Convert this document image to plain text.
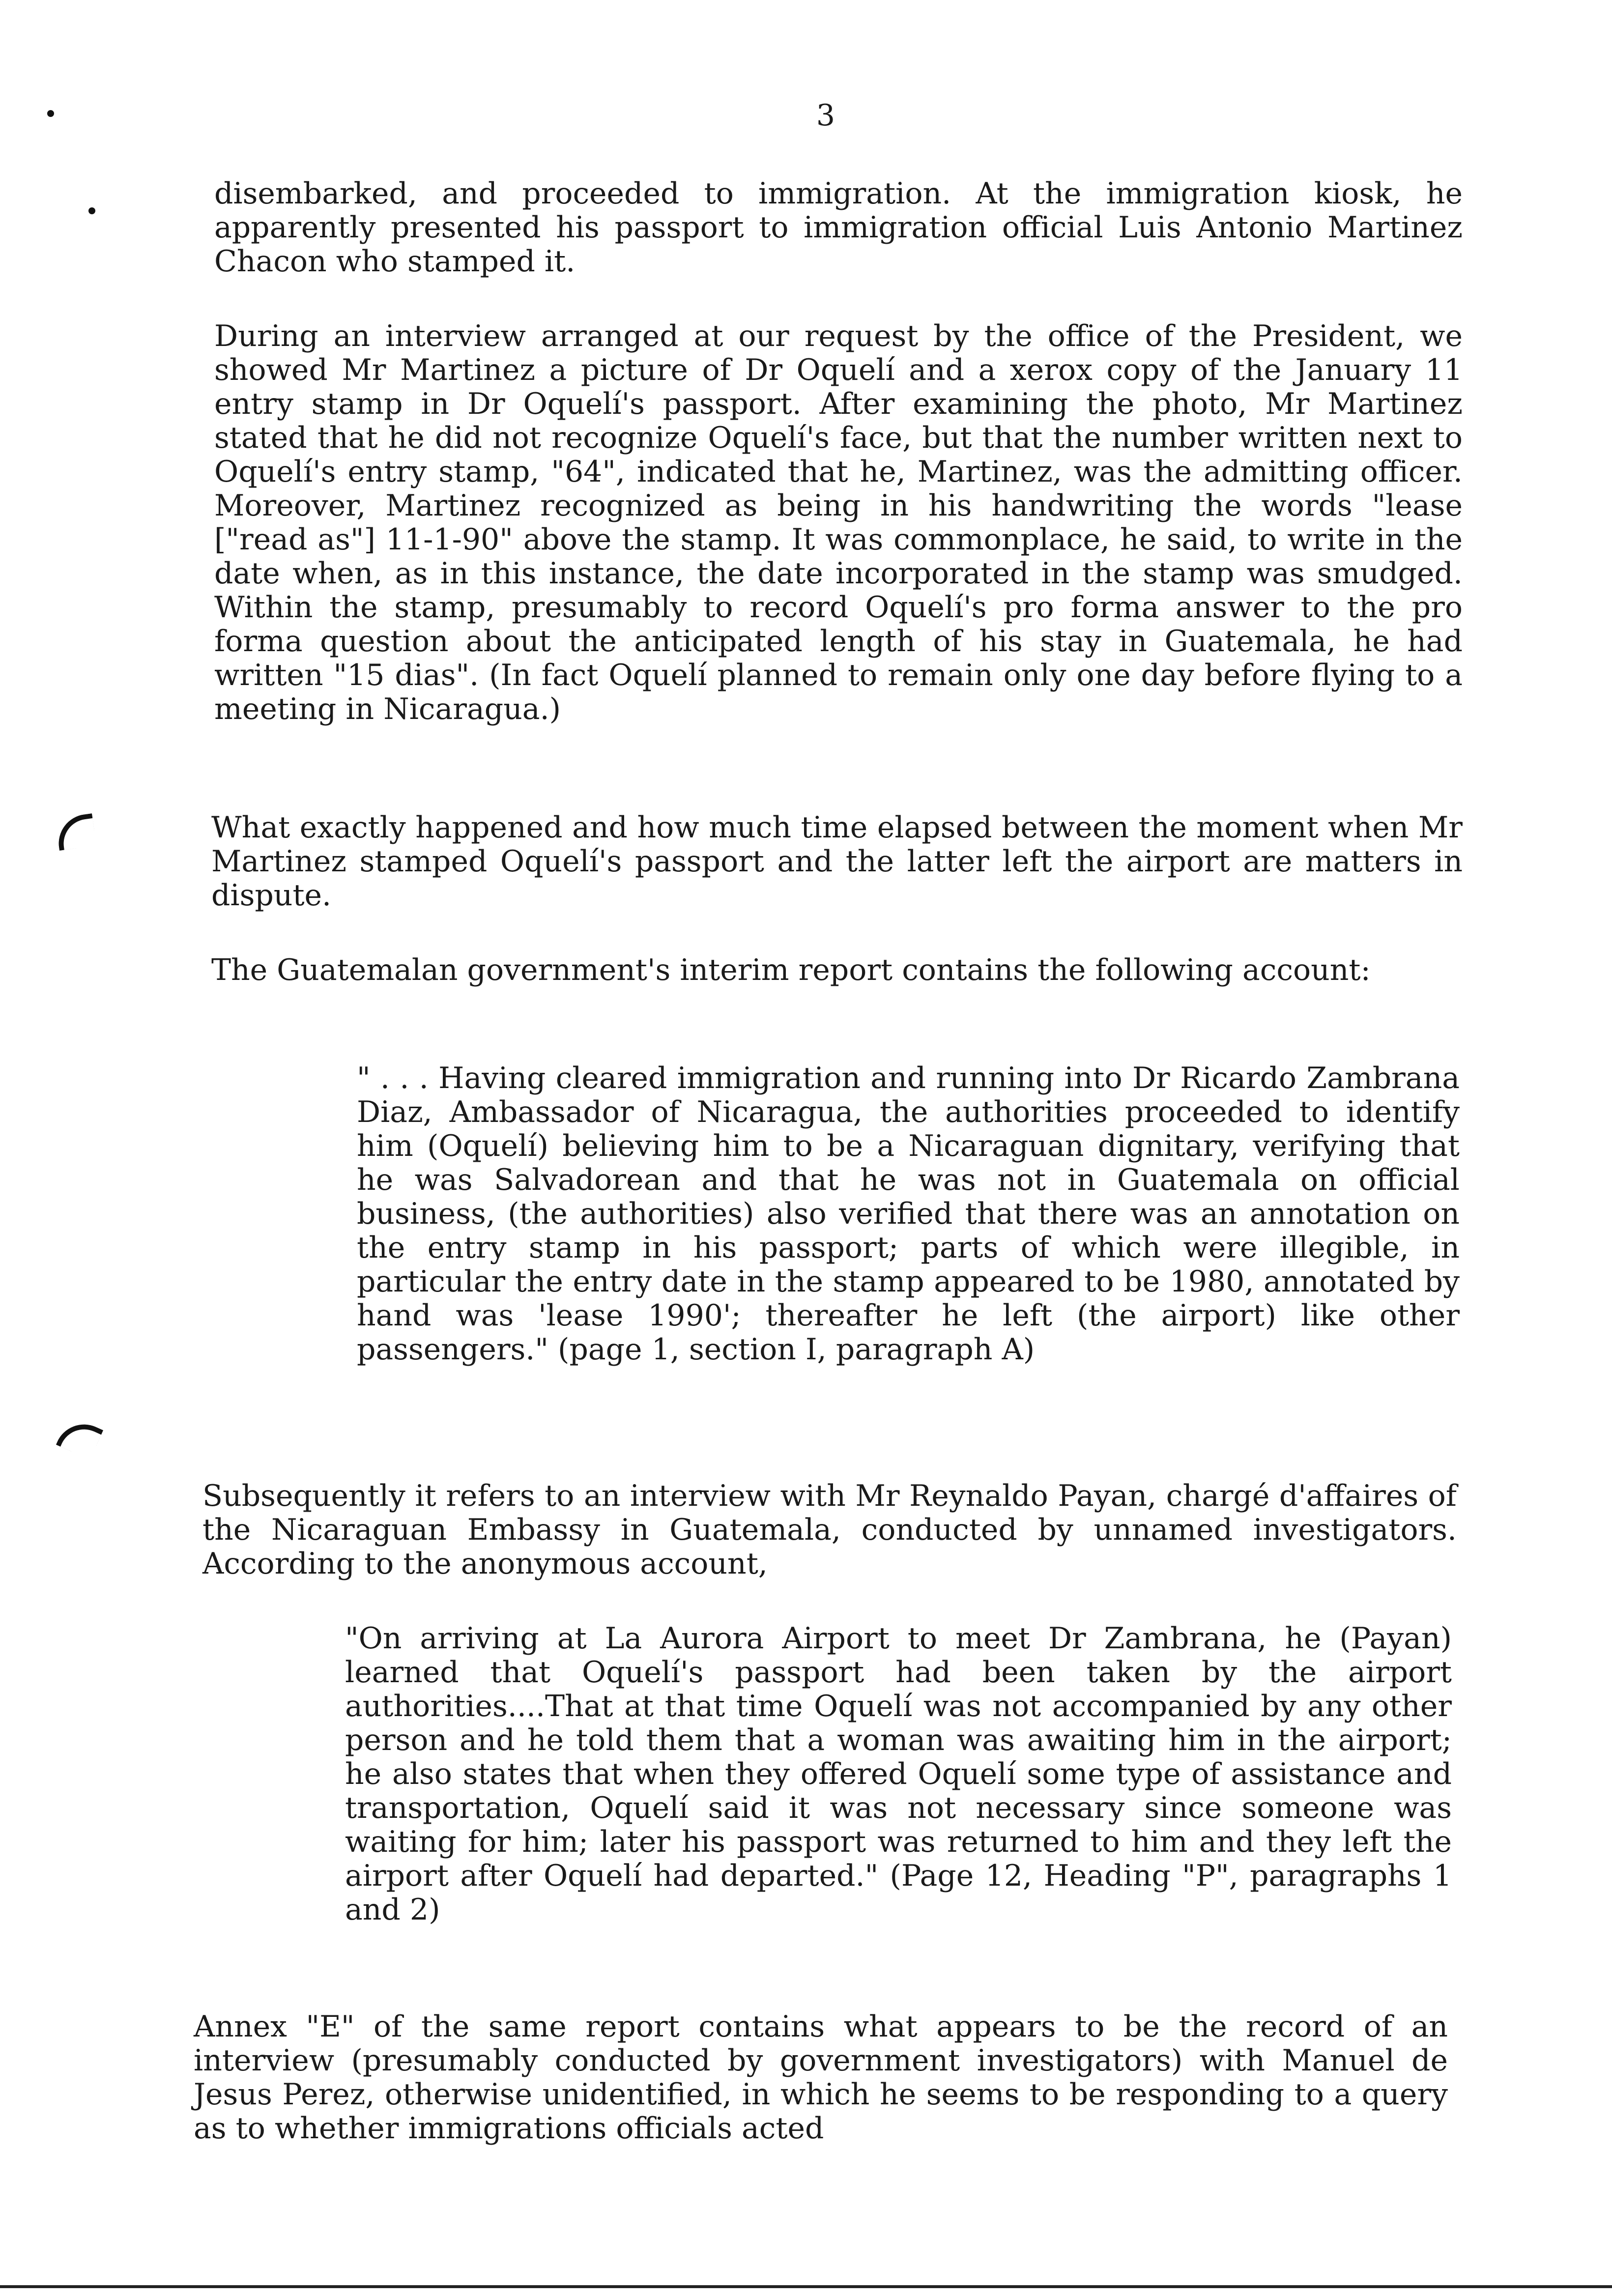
3

disembarked, and proceeded to immigration. At the immigration kiosk, he apparently presented his passport to immigration official Luis Antonio Martinez Chacon who stamped it.

During an interview arranged at our request by the office of the President, we showed Mr Martinez a picture of Dr Oquelí and a xerox copy of the January 11 entry stamp in Dr Oquelí's passport. After examining the photo, Mr Martinez stated that he did not recognize Oquelí's face, but that the number written next to Oquelí's entry stamp, "64", indicated that he, Martinez, was the admitting officer. Moreover, Martinez recognized as being in his handwriting the words "lease ["read as"] 11-1-90" above the stamp. It was commonplace, he said, to write in the date when, as in this instance, the date incorporated in the stamp was smudged. Within the stamp, presumably to record Oquelí's pro forma answer to the pro forma question about the anticipated length of his stay in Guatemala, he had written "15 dias". (In fact Oquelí planned to remain only one day before flying to a meeting in Nicaragua.)

What exactly happened and how much time elapsed between the moment when Mr Martinez stamped Oquelí's passport and the latter left the airport are matters in dispute.

The Guatemalan government's interim report contains the following account:

" . . . Having cleared immigration and running into Dr Ricardo Zambrana Diaz, Ambassador of Nicaragua, the authorities proceeded to identify him (Oquelí) believing him to be a Nicaraguan dignitary, verifying that he was Salvadorean and that he was not in Guatemala on official business, (the authorities) also verified that there was an annotation on the entry stamp in his passport; parts of which were illegible, in particular the entry date in the stamp appeared to be 1980, annotated by hand was 'lease 1990'; thereafter he left (the airport) like other passengers." (page 1, section I, paragraph A)

Subsequently it refers to an interview with Mr Reynaldo Payan, chargé d'affaires of the Nicaraguan Embassy in Guatemala, conducted by unnamed investigators. According to the anonymous account,

"On arriving at La Aurora Airport to meet Dr Zambrana, he (Payan) learned that Oquelí's passport had been taken by the airport authorities....That at that time Oquelí was not accompanied by any other person and he told them that a woman was awaiting him in the airport; he also states that when they offered Oquelí some type of assistance and transportation, Oquelí said it was not necessary since someone was waiting for him; later his passport was returned to him and they left the airport after Oquelí had departed." (Page 12, Heading "P", paragraphs 1 and 2)

Annex "E" of the same report contains what appears to be the record of an interview (presumably conducted by government investigators) with Manuel de Jesus Perez, otherwise unidentified, in which he seems to be responding to a query as to whether immigrations officials acted
